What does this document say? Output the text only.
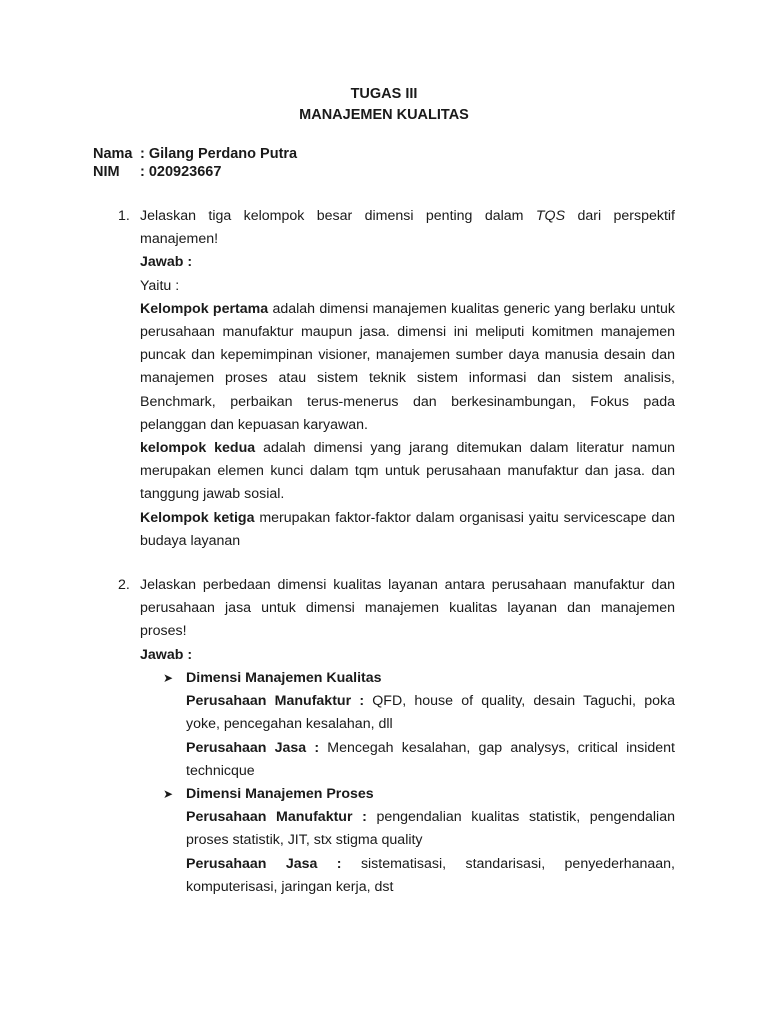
TUGAS III
MANAJEMEN KUALITAS
Nama : Gilang Perdano Putra
NIM : 020923667
1. Jelaskan tiga kelompok besar dimensi penting dalam TQS dari perspektif
manajemen!
Jawab :
Yaitu :
Kelompok pertama adalah dimensi manajemen kualitas generic yang berlaku untuk
perusahaan manufaktur maupun jasa. dimensi ini meliputi komitmen manajemen
puncak dan kepemimpinan visioner, manajemen sumber daya manusia desain dan
manajemen proses atau sistem teknik sistem informasi dan sistem analisis,
Benchmark, perbaikan terus-menerus dan berkesinambungan, Fokus pada
pelanggan dan kepuasan karyawan.
kelompok kedua adalah dimensi yang jarang ditemukan dalam literatur namun
merupakan elemen kunci dalam tqm untuk perusahaan manufaktur dan jasa. dan
tanggung jawab sosial.
Kelompok ketiga merupakan faktor-faktor dalam organisasi yaitu servicescape dan
budaya layanan
2. Jelaskan perbedaan dimensi kualitas layanan antara perusahaan manufaktur dan
perusahaan jasa untuk dimensi manajemen kualitas layanan dan manajemen
proses!
Jawab :
➤ Dimensi Manajemen Kualitas
Perusahaan Manufaktur : QFD, house of quality, desain Taguchi, poka
yoke, pencegahan kesalahan, dll
Perusahaan Jasa : Mencegah kesalahan, gap analysys, critical insident
technicque
➤ Dimensi Manajemen Proses
Perusahaan Manufaktur : pengendalian kualitas statistik, pengendalian
proses statistik, JIT, stx stigma quality
Perusahaan Jasa : sistematisasi, standarisasi, penyederhanaan,
komputerisasi, jaringan kerja, dst
